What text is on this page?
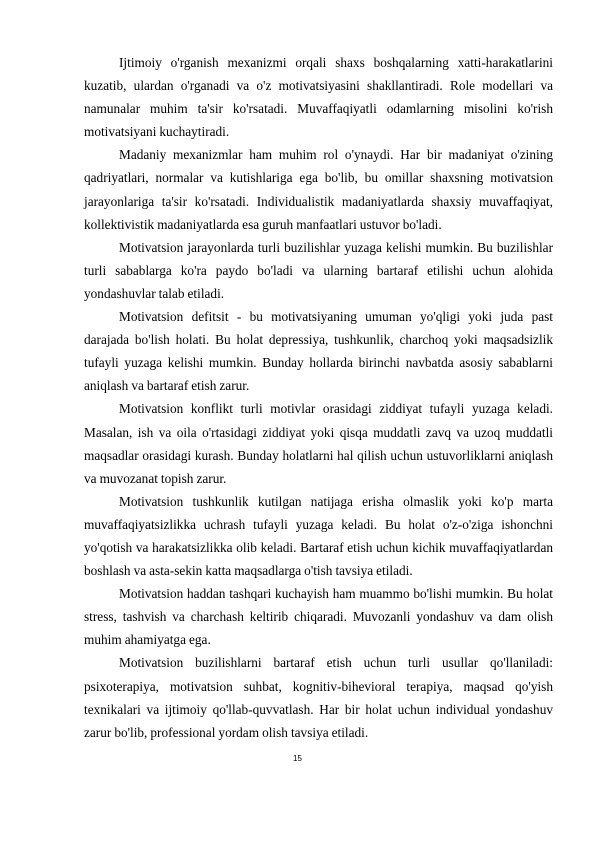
Ijtimoiy o'rganish mexanizmi orqali shaxs boshqalarning xatti-harakatlarini kuzatib, ulardan o'rganadi va o'z motivatsiyasini shakllantiradi. Role modellari va namunalar muhim ta'sir ko'rsatadi. Muvaffaqiyatli odamlarning misolini ko'rish motivatsiyani kuchaytiradi.

Madaniy mexanizmlar ham muhim rol o'ynaydi. Har bir madaniyat o'zining qadriyatlari, normalar va kutishlariga ega bo'lib, bu omillar shaxsning motivatsion jarayonlariga ta'sir ko'rsatadi. Individualistik madaniyatlarda shaxsiy muvaffaqiyat, kollektivistik madaniyatlarda esa guruh manfaatlari ustuvor bo'ladi.

Motivatsion jarayonlarda turli buzilishlar yuzaga kelishi mumkin. Bu buzilishlar turli sabablarga ko'ra paydo bo'ladi va ularning bartaraf etilishi uchun alohida yondashuvlar talab etiladi.

Motivatsion defitsit - bu motivatsiyaning umuman yo'qligi yoki juda past darajada bo'lish holati. Bu holat depressiya, tushkunlik, charchoq yoki maqsadsizlik tufayli yuzaga kelishi mumkin. Bunday hollarda birinchi navbatda asosiy sabablarni aniqlash va bartaraf etish zarur.

Motivatsion konflikt turli motivlar orasidagi ziddiyat tufayli yuzaga keladi. Masalan, ish va oila o'rtasidagi ziddiyat yoki qisqa muddatli zavq va uzoq muddatli maqsadlar orasidagi kurash. Bunday holatlarni hal qilish uchun ustuvorliklarni aniqlash va muvozanat topish zarur.

Motivatsion tushkunlik kutilgan natijaga erisha olmaslik yoki ko'p marta muvaffaqiyatsizlikka uchrash tufayli yuzaga keladi. Bu holat o'z-o'ziga ishonchni yo'qotish va harakatsizlikka olib keladi. Bartaraf etish uchun kichik muvaffaqiyatlardan boshlash va asta-sekin katta maqsadlarga o'tish tavsiya etiladi.

Motivatsion haddan tashqari kuchayish ham muammo bo'lishi mumkin. Bu holat stress, tashvish va charchash keltirib chiqaradi. Muvozanli yondashuv va dam olish muhim ahamiyatga ega.

Motivatsion buzilishlarni bartaraf etish uchun turli usullar qo'llaniladi: psixoterapiya, motivatsion suhbat, kognitiv-bihevioral terapiya, maqsad qo'yish texnikalari va ijtimoiy qo'llab-quvvatlash. Har bir holat uchun individual yondashuv zarur bo'lib, professional yordam olish tavsiya etiladi.

15
